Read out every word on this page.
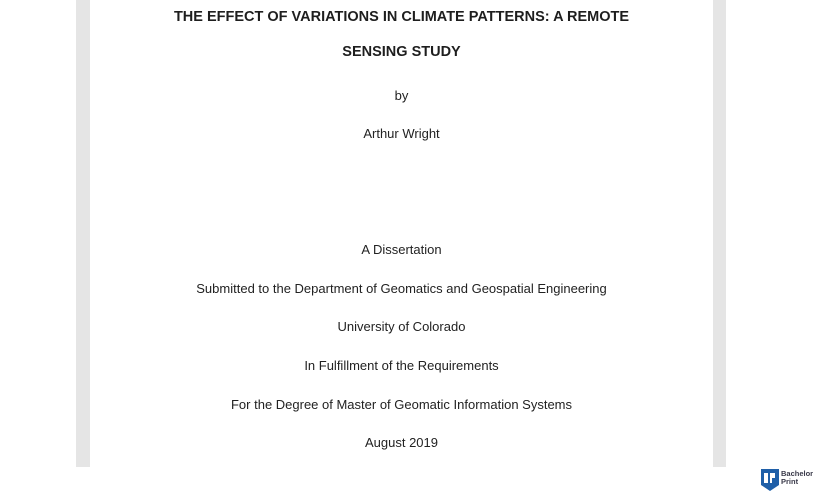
THE EFFECT OF VARIATIONS IN CLIMATE PATTERNS: A REMOTE
SENSING STUDY
by
Arthur Wright
A Dissertation
Submitted to the Department of Geomatics and Geospatial Engineering
University of Colorado
In Fulfillment of the Requirements
For the Degree of Master of Geomatic Information Systems
August 2019
Bachelor
Print
